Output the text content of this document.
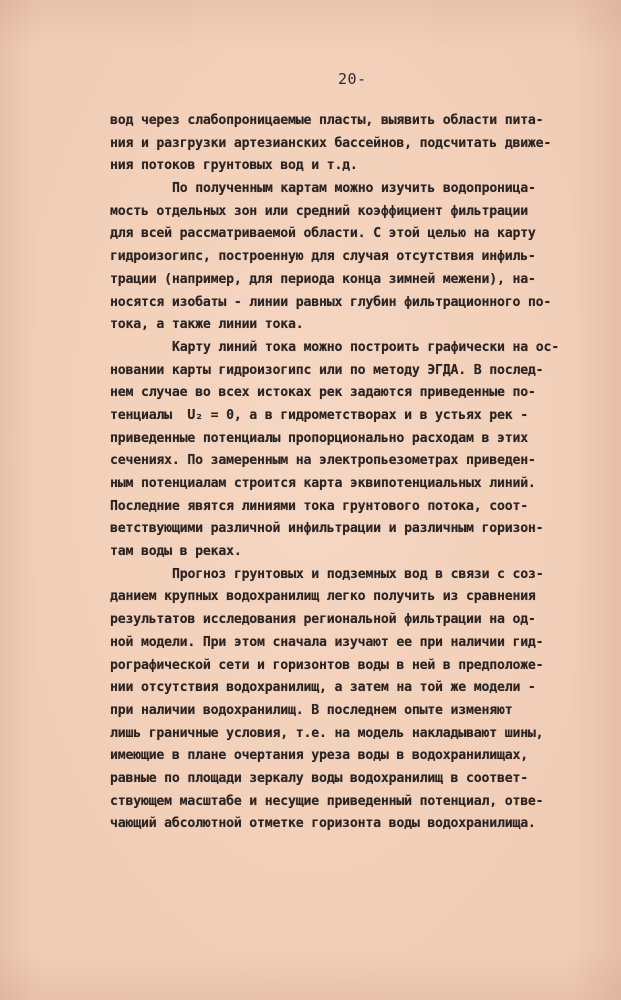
20-
вод через слабопроницаемые пласты, выявить области пита-
ния и разгрузки артезианских бассейнов, подсчитать движе-
ния потоков грунтовых вод и т.д.
По полученным картам можно изучить водопроница-
мость отдельных зон или средний коэффициент фильтрации
для всей рассматриваемой области. С этой целью на карту
гидроизогипс, построенную для случая отсутствия инфиль-
трации (например, для периода конца зимней межени), на-
носятся изобаты - линии равных глубин фильтрационного по-
тока, а также линии тока.
Карту линий тока можно построить графически на ос-
новании карты гидроизогипс или по методу ЭГДА. В послед-
нем случае во всех истоках рек задаются приведенные по-
тенциалы  U₂ = 0, а в гидрометстворах и в устьях рек -
приведенные потенциалы пропорционально расходам в этих
сечениях. По замеренным на электропьезометрах приведен-
ным потенциалам строится карта эквипотенциальных линий.
Последние явятся линиями тока грунтового потока, соот-
ветствующими различной инфильтрации и различным горизон-
там воды в реках.
Прогноз грунтовых и подземных вод в связи с соз-
данием крупных водохранилищ легко получить из сравнения
результатов исследования региональной фильтрации на од-
ной модели. При этом сначала изучают ее при наличии гид-
рографической сети и горизонтов воды в ней в предположе-
нии отсутствия водохранилищ, а затем на той же модели -
при наличии водохранилищ. В последнем опыте изменяют
лишь граничные условия, т.е. на модель накладывают шины,
имеющие в плане очертания уреза воды в водохранилищах,
равные по площади зеркалу воды водохранилищ в соответ-
ствующем масштабе и несущие приведенный потенциал, отве-
чающий абсолютной отметке горизонта воды водохранилища.
